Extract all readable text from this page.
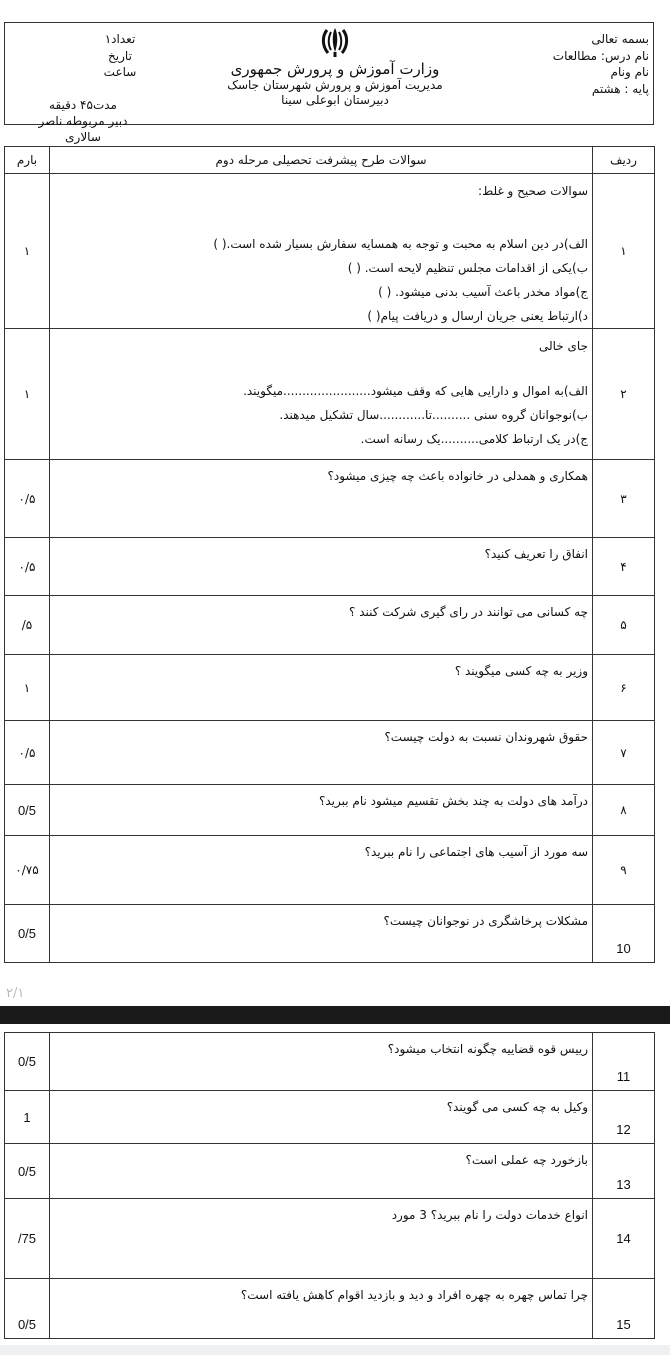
بسمه تعالی
نام درس: مطالعات
نام ونام
پایه : هشتم
وزارت آموزش و پرورش جمهوری
مدیریت آموزش و پرورش شهرستان جاسک
دبیرستان ابوعلی سینا
تعداد۱
تاریخ
ساعت
مدت۴۵ دقیقه
دبیر مربوطه ناصر سالاری
بارم	سوالات طرح پیشرفت تحصیلی مرحله دوم	ردیف
۱	سوالات صحیح و غلط:
الف)در دین اسلام به محبت و توجه به همسایه سفارش بسیار شده است.( )
ب)یکی از اقدامات مجلس تنظیم لایحه است. ( )
ج)مواد مخدر باعث آسیب بدنی میشود. ( )
د)ارتباط یعنی جریان ارسال و دریافت پیام( )	۱
۱	جای خالی
الف)به اموال و دارایی هایی که وقف میشود.......................میگویند.
ب)نوجوانان گروه سنی ..........تا............سال تشکیل میدهند.
ج)در یک ارتباط کلامی..........یک رسانه است.	۲
۰/۵	همکاری و همدلی در خانواده باعث چه چیزی میشود؟	۳
۰/۵	انفاق را تعریف کنید؟	۴
/۵	چه کسانی می توانند در رای گیری شرکت کنند ؟	۵
۱	وزیر به چه کسی میگویند ؟	۶
۰/۵	حقوق شهروندان نسبت به دولت چیست؟	۷
0/5	درآمد های دولت به چند بخش تقسیم میشود نام ببرید؟	۸
۰/۷۵	سه مورد از آسیب های اجتماعی را نام ببرید؟	۹
0/5	مشکلات پرخاشگری در نوجوانان چیست؟	10
۲/۱
0/5	رییس قوه قضاییه چگونه انتخاب میشود؟	11
1	وکیل به چه کسی می گویند؟	12
0/5	بازخورد چه عملی است؟	13
/75	انواع خدمات دولت را نام ببرید؟ 3 مورد	14
0/5	چرا تماس چهره به چهره افراد و دید و بازدید اقوام کاهش یافته است؟	15
